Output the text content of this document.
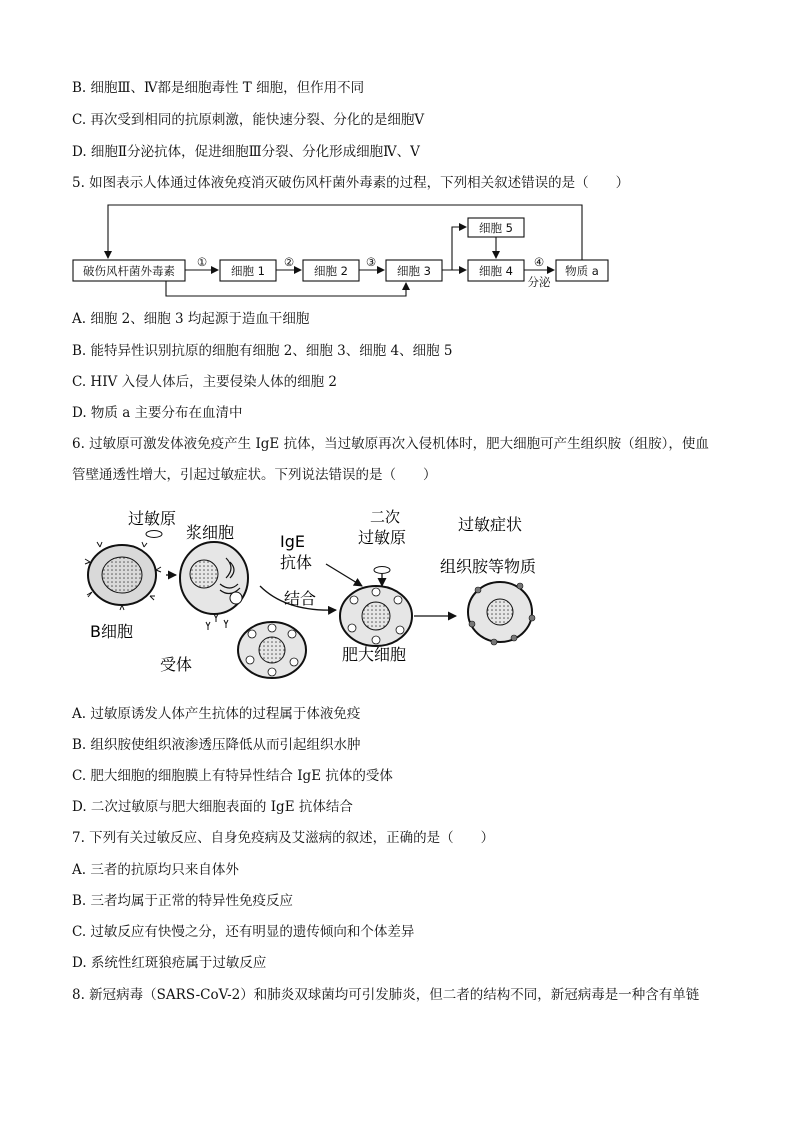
B. 细胞Ⅲ、Ⅳ都是细胞毒性 T 细胞，但作用不同
C. 再次受到相同的抗原刺激，能快速分裂、分化的是细胞Ⅴ
D. 细胞Ⅱ分泌抗体，促进细胞Ⅲ分裂、分化形成细胞Ⅳ、Ⅴ
5. 如图表示人体通过体液免疫消灭破伤风杆菌外毒素的过程，下列相关叙述错误的是（　　）
破伤风杆菌外毒素	细胞 1	细胞 2	细胞 3	细胞 4
细胞 5
物质 a
①	②	③	④
分泌
A. 细胞 2、细胞 3 均起源于造血干细胞
B. 能特异性识别抗原的细胞有细胞 2、细胞 3、细胞 4、细胞 5
C. HIV 入侵人体后，主要侵染人体的细胞 2
D. 物质 a 主要分布在血清中
6. 过敏原可激发体液免疫产生 IgE 抗体，当过敏原再次入侵机体时，肥大细胞可产生组织胺（组胺），使血
管壁通透性增大，引起过敏症状。下列说法错误的是（　　）
过敏原
B细胞
浆细胞	IgE
抗体
结合
二次
过敏原
受体
肥大细胞
过敏症状
组织胺等物质
A. 过敏原诱发人体产生抗体的过程属于体液免疫
B. 组织胺使组织液渗透压降低从而引起组织水肿
C. 肥大细胞的细胞膜上有特异性结合 IgE 抗体的受体
D. 二次过敏原与肥大细胞表面的 IgE 抗体结合
7. 下列有关过敏反应、自身免疫病及艾滋病的叙述，正确的是（　　）
A. 三者的抗原均只来自体外
B. 三者均属于正常的特异性免疫反应
C. 过敏反应有快慢之分，还有明显的遗传倾向和个体差异
D. 系统性红斑狼疮属于过敏反应
8. 新冠病毒（SARS-CoV-2）和肺炎双球菌均可引发肺炎，但二者的结构不同，新冠病毒是一种含有单链
